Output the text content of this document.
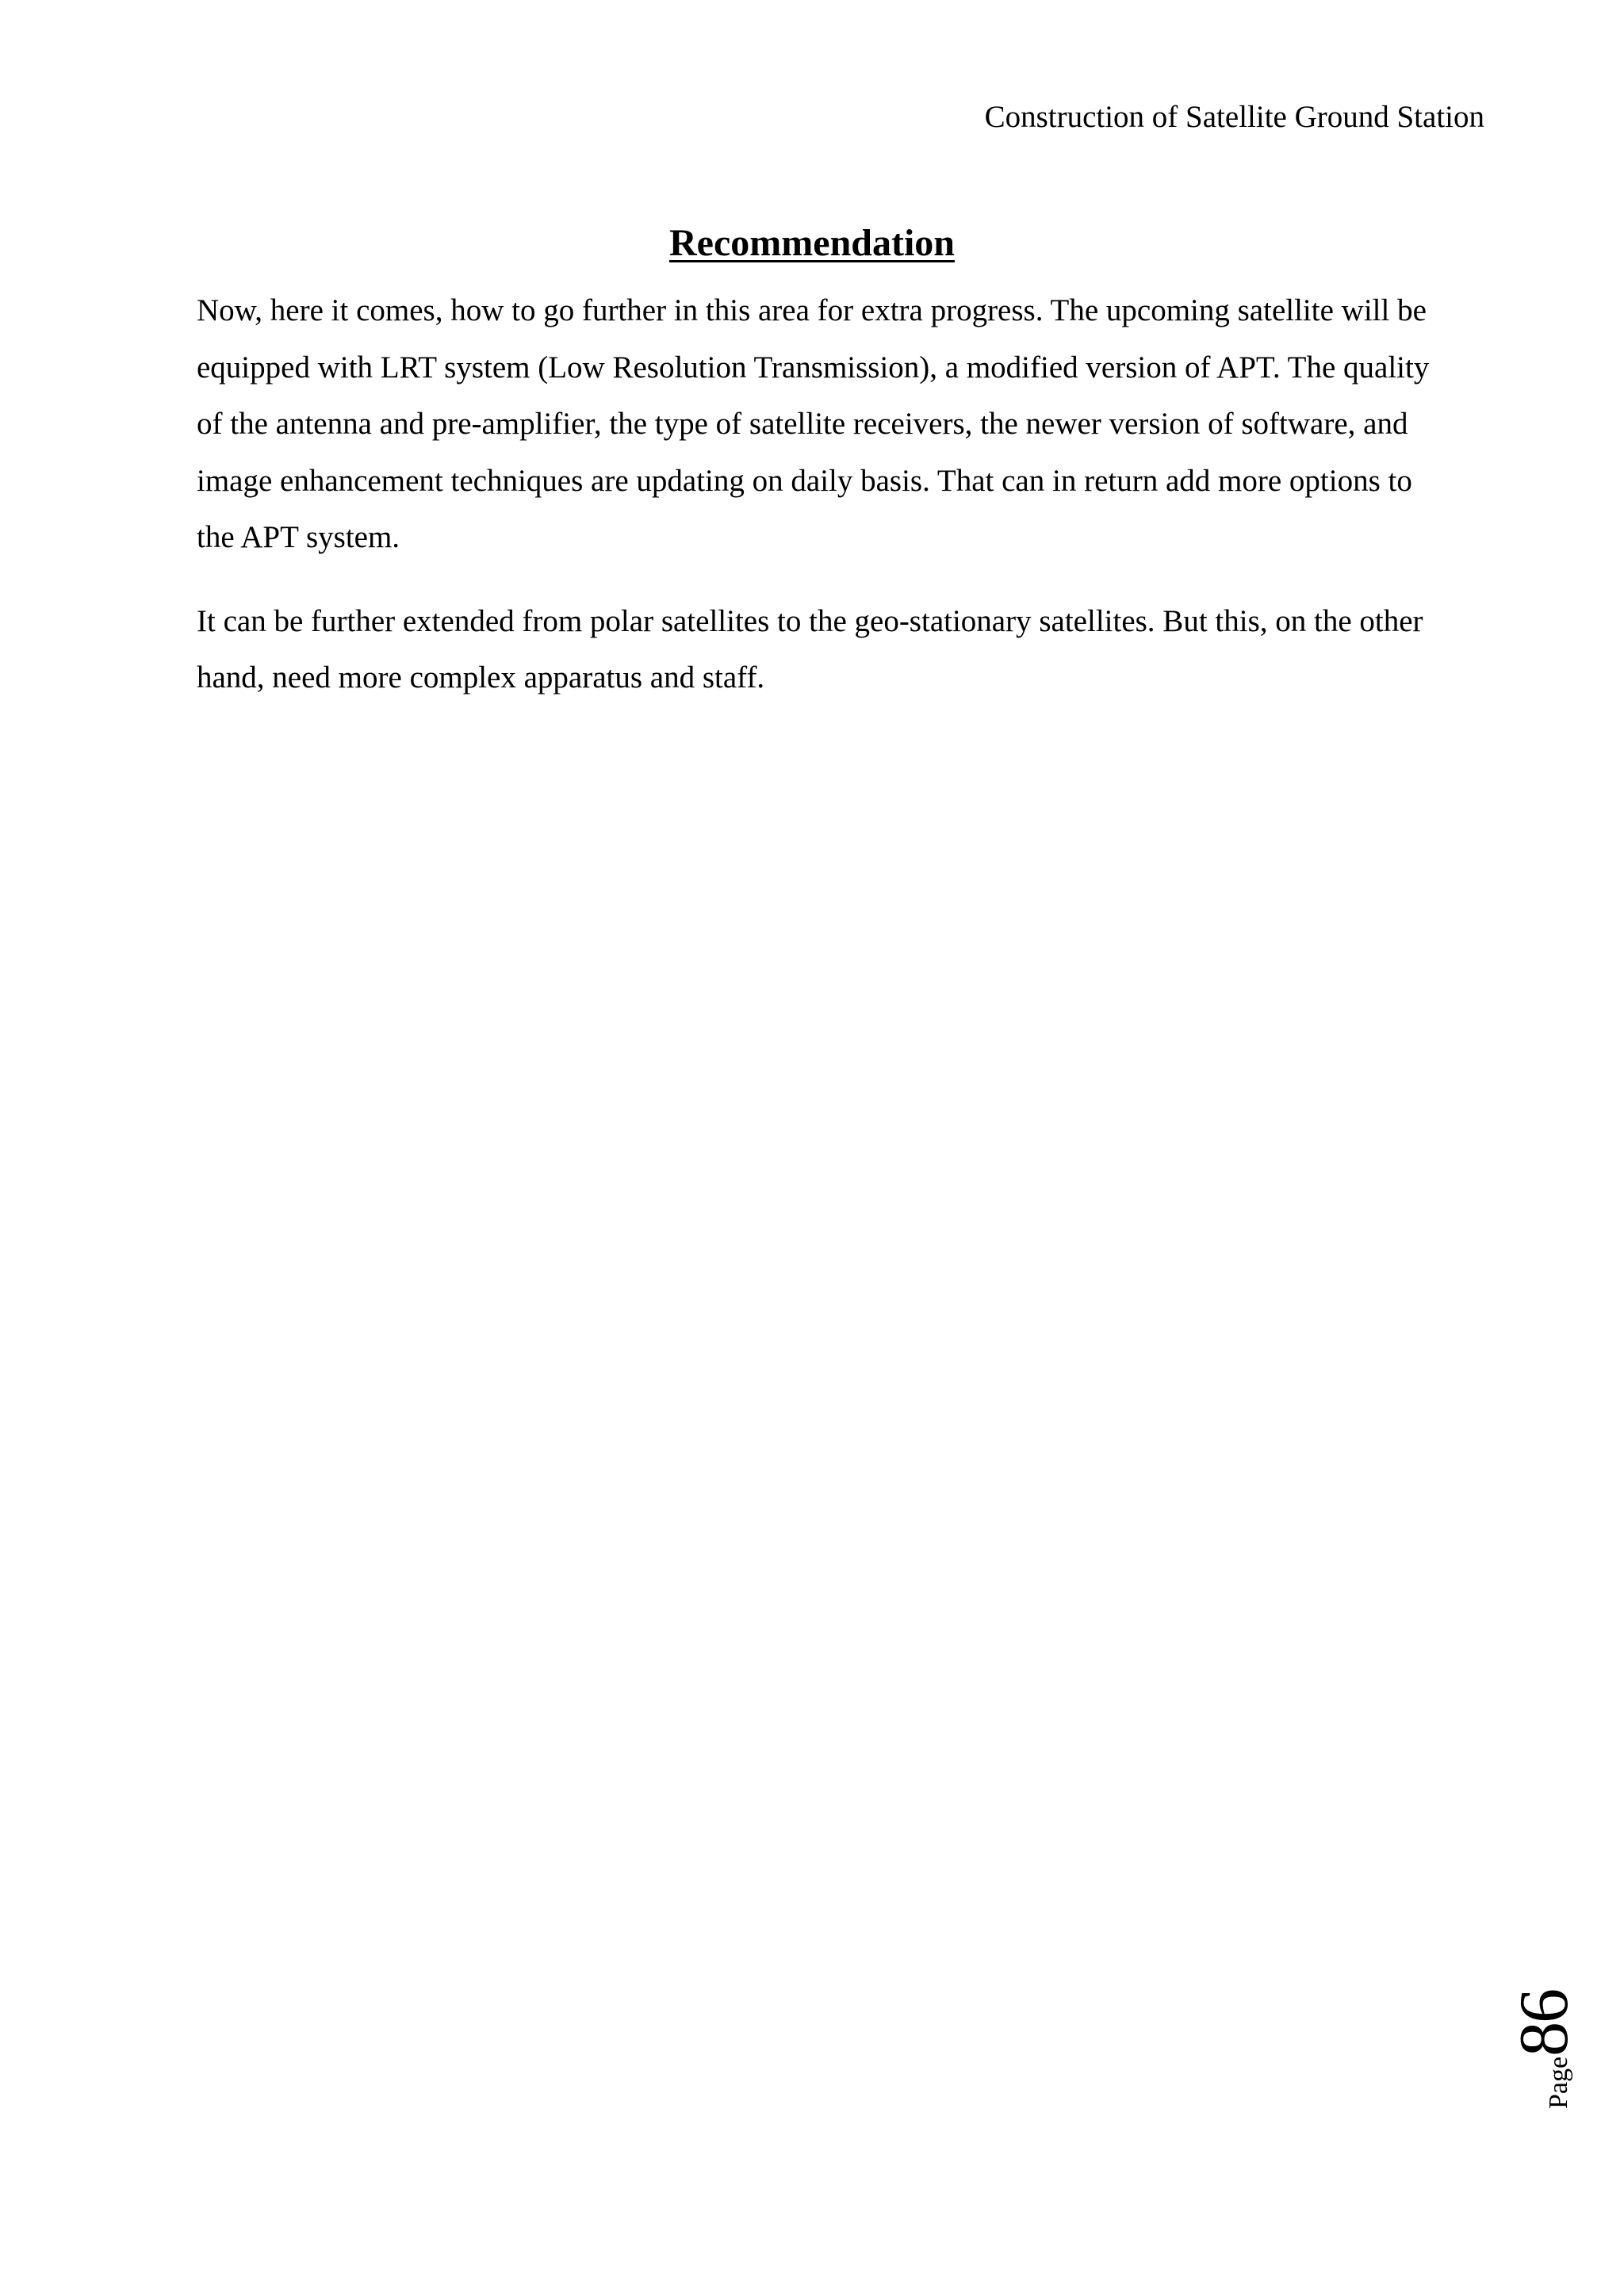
Construction of Satellite Ground Station
Recommendation

Now, here it comes, how to go further in this area for extra progress. The upcoming satellite will be equipped with LRT system (Low Resolution Transmission), a modified version of APT. The quality of the antenna and pre-amplifier, the type of satellite receivers, the newer version of software, and image enhancement techniques are updating on daily basis. That can in return add more options to the APT system.

It can be further extended from polar satellites to the geo-stationary satellites. But this, on the other hand, need more complex apparatus and staff.

Page
86
